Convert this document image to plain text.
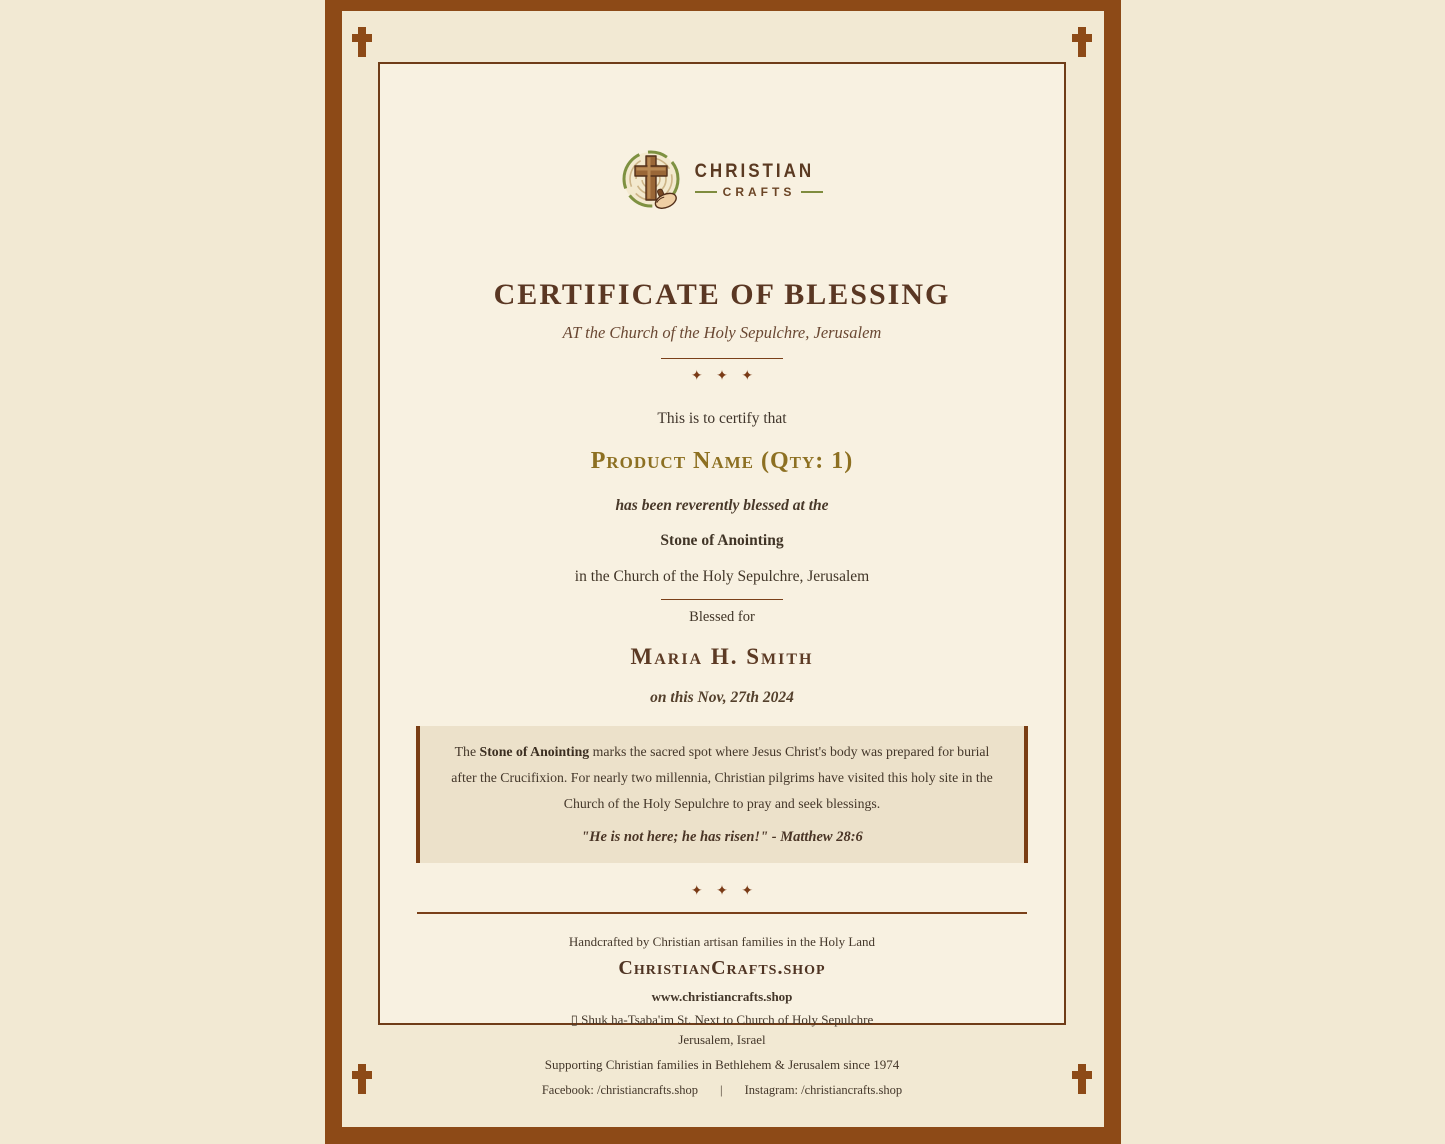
CHRISTIAN
CRAFTS
CERTIFICATE OF BLESSING
AT the Church of the Holy Sepulchre, Jerusalem
✦ ✦ ✦
This is to certify that
Product Name (Qty: 1)
has been reverently blessed at the
Stone of Anointing
in the Church of the Holy Sepulchre, Jerusalem
Blessed for
Maria H. Smith
on this Nov, 27th 2024
The Stone of Anointing marks the sacred spot where Jesus Christ's body was prepared for burial after the Crucifixion. For nearly two millennia, Christian pilgrims have visited this holy site in the Church of the Holy Sepulchre to pray and seek blessings.
"He is not here; he has risen!" - Matthew 28:6
✦ ✦ ✦
Handcrafted by Christian artisan families in the Holy Land
ChristianCrafts.shop
www.christiancrafts.shop
▯ Shuk ha-Tsaba'im St. Next to Church of Holy Sepulchre
Jerusalem, Israel
Supporting Christian families in Bethlehem & Jerusalem since 1974
Facebook: /christiancrafts.shop | Instagram: /christiancrafts.shop
